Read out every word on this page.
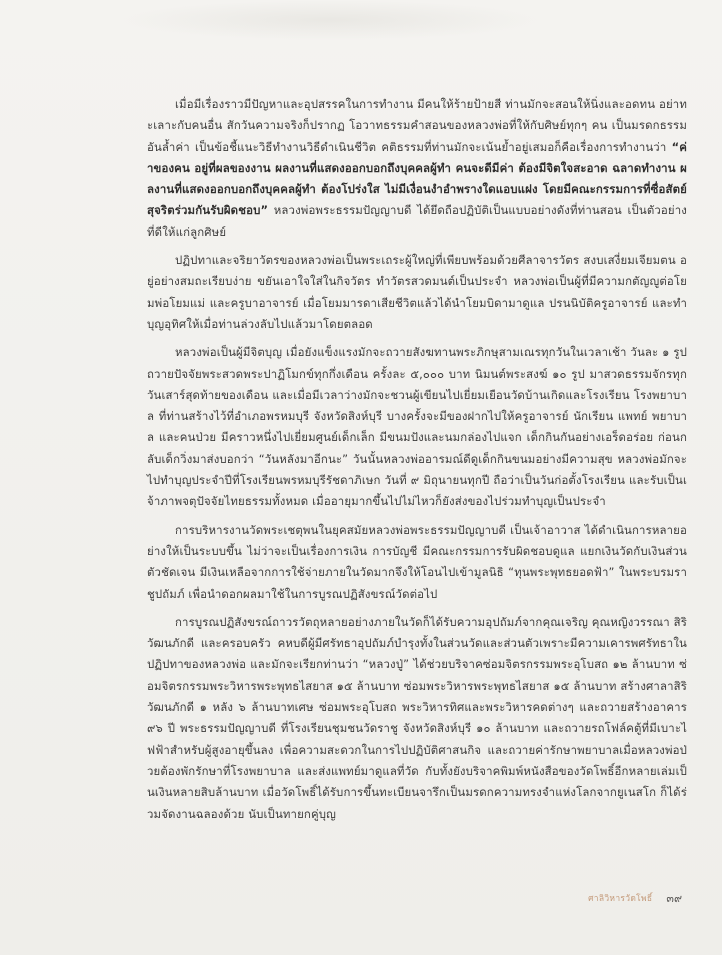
เมื่อมีเรื่องราวมีปัญหาและอุปสรรคในการทำงาน มีคนให้ร้ายป้ายสี ท่านมักจะสอนให้นิ่งและอดทน อย่าทะเลาะกับคนอื่น สักวันความจริงก็ปรากฏ โอวาทธรรมคำสอนของหลวงพ่อที่ให้กับศิษย์ทุกๆ คน เป็นมรดกธรรมอันล้ำค่า เป็นข้อชี้แนะวิธีทำงานวิธีดำเนินชีวิต คติธรรมที่ท่านมักจะเน้นย้ำอยู่เสมอก็คือเรื่องการทำงานว่า “ค่าของคน อยู่ที่ผลของงาน ผลงานที่แสดงออกบอกถึงบุคคลผู้ทำ คนจะดีมีค่า ต้องมีจิตใจสะอาด ฉลาดทำงาน ผลงานที่แสดงออกบอกถึงบุคคลผู้ทำ ต้องโปร่งใส ไม่มีเงื่อนงำอำพรางใดแอบแฝง โดยมีคณะกรรมการที่ซื่อสัตย์สุจริตร่วมกันรับผิดชอบ” หลวงพ่อพระธรรมปัญญาบดี ได้ยึดถือปฏิบัติเป็นแบบอย่างดังที่ท่านสอน เป็นตัวอย่างที่ดีให้แก่ลูกศิษย์

ปฏิปทาและจริยาวัตรของหลวงพ่อเป็นพระเถระผู้ใหญ่ที่เพียบพร้อมด้วยศีลาจารวัตร สงบเสงี่ยมเจียมตน อยู่อย่างสมถะเรียบง่าย ขยันเอาใจใส่ในกิจวัตร ทำวัตรสวดมนต์เป็นประจำ หลวงพ่อเป็นผู้ที่มีความกตัญญูต่อโยมพ่อโยมแม่ และครูบาอาจารย์ เมื่อโยมมารดาเสียชีวิตแล้วได้นำโยมบิดามาดูแล ปรนนิบัติครูอาจารย์ และทำบุญอุทิศให้เมื่อท่านล่วงลับไปแล้วมาโดยตลอด

หลวงพ่อเป็นผู้มีจิตบุญ เมื่อยังแข็งแรงมักจะถวายสังฆทานพระภิกษุสามเณรทุกวันในเวลาเช้า วันละ ๑ รูป ถวายปัจจัยพระสวดพระปาฏิโมกข์ทุกกึ่งเดือน ครั้งละ ๕,๐๐๐ บาท นิมนต์พระสงฆ์ ๑๐ รูป มาสวดธรรมจักรทุกวันเสาร์สุดท้ายของเดือน และเมื่อมีเวลาว่างมักจะชวนผู้เขียนไปเยี่ยมเยือนวัดบ้านเกิดและโรงเรียน โรงพยาบาล ที่ท่านสร้างไว้ที่อำเภอพรหมบุรี จังหวัดสิงห์บุรี บางครั้งจะมีของฝากไปให้ครูอาจารย์ นักเรียน แพทย์ พยาบาล และคนป่วย มีคราวหนึ่งไปเยี่ยมศูนย์เด็กเล็ก มีขนมปังและนมกล่องไปแจก เด็กกินกันอย่างเอร็ดอร่อย ก่อนกลับเด็กวิ่งมาส่งบอกว่า “วันหลังมาอีกนะ” วันนั้นหลวงพ่ออารมณ์ดีดูเด็กกินขนมอย่างมีความสุข หลวงพ่อมักจะไปทำบุญประจำปีที่โรงเรียนพรหมบุรีรัชดาภิเษก วันที่ ๙ มิถุนายนทุกปี ถือว่าเป็นวันก่อตั้งโรงเรียน และรับเป็นเจ้าภาพจตุปัจจัยไทยธรรมทั้งหมด เมื่ออายุมากขึ้นไปไม่ไหวก็ยังส่งของไปร่วมทำบุญเป็นประจำ

การบริหารงานวัดพระเชตุพนในยุคสมัยหลวงพ่อพระธรรมปัญญาบดี เป็นเจ้าอาวาส ได้ดำเนินการหลายอย่างให้เป็นระบบขึ้น ไม่ว่าจะเป็นเรื่องการเงิน การบัญชี มีคณะกรรมการรับผิดชอบดูแล แยกเงินวัดกับเงินส่วนตัวชัดเจน มีเงินเหลือจากการใช้จ่ายภายในวัดมากจึงให้โอนไปเข้ามูลนิธิ “ทุนพระพุทธยอดฟ้า” ในพระบรมราชูปถัมภ์ เพื่อนำดอกผลมาใช้ในการบูรณปฏิสังขรณ์วัดต่อไป

การบูรณปฏิสังขรณ์ถาวรวัตถุหลายอย่างภายในวัดก็ได้รับความอุปถัมภ์จากคุณเจริญ คุณหญิงวรรณา สิริวัฒนภักดี และครอบครัว คหบดีผู้มีศรัทธาอุปถัมภ์บำรุงทั้งในส่วนวัดและส่วนตัวเพราะมีความเคารพศรัทธาในปฏิปทาของหลวงพ่อ และมักจะเรียกท่านว่า “หลวงปู่” ได้ช่วยบริจาคซ่อมจิตรกรรมพระอุโบสถ ๑๒ ล้านบาท ซ่อมจิตรกรรมพระวิหารพระพุทธไสยาส ๑๕ ล้านบาท ซ่อมพระวิหารพระพุทธไสยาส ๑๕ ล้านบาท สร้างศาลาสิริวัฒนภักดี ๑ หลัง ๖ ล้านบาทเศษ ซ่อมพระอุโบสถ พระวิหารทิศและพระวิหารคดต่างๆ และถวายสร้างอาคาร ๙๖ ปี พระธรรมปัญญาบดี ที่โรงเรียนชุมชนวัดราชู จังหวัดสิงห์บุรี ๑๐ ล้านบาท และถวายรถโฟล์คตู้ที่มีเบาะไฟฟ้าสำหรับผู้สูงอายุขึ้นลง เพื่อความสะดวกในการไปปฏิบัติศาสนกิจ และถวายค่ารักษาพยาบาลเมื่อหลวงพ่อป่วยต้องพักรักษาที่โรงพยาบาล และส่งแพทย์มาดูแลที่วัด กับทั้งยังบริจาคพิมพ์หนังสือของวัดโพธิ์อีกหลายเล่มเป็นเงินหลายสิบล้านบาท เมื่อวัดโพธิ์ได้รับการขึ้นทะเบียนจารึกเป็นมรดกความทรงจำแห่งโลกจากยูเนสโก ก็ได้ร่วมจัดงานฉลองด้วย นับเป็นทายกคู่บุญ

ศาลิวิหารวัดโพธิ์ ๓๙
